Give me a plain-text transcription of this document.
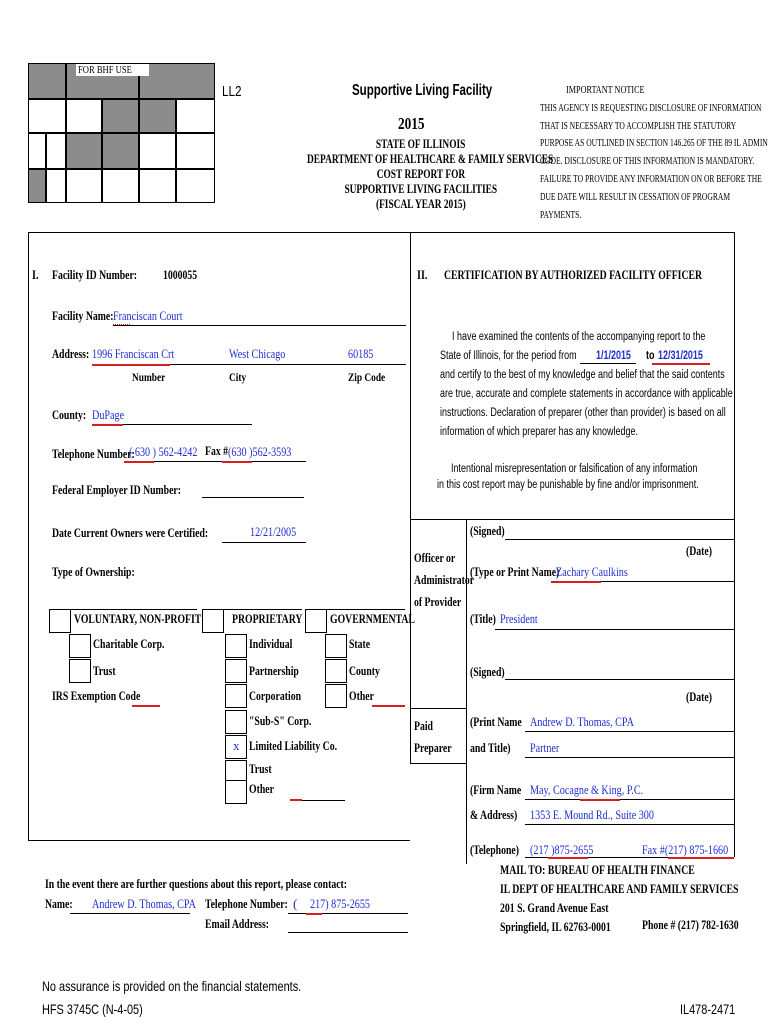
FOR BHF USE
LL2	Supportive Living Facility
2015
STATE OF ILLINOIS
DEPARTMENT OF HEALTHCARE & FAMILY SERVICES
COST REPORT FOR
SUPPORTIVE LIVING FACILITIES
(FISCAL YEAR 2015)
IMPORTANT NOTICE
THIS AGENCY IS REQUESTING DISCLOSURE OF INFORMATION
THAT IS NECESSARY TO ACCOMPLISH THE STATUTORY
PURPOSE AS OUTLINED IN SECTION 146.265 OF THE 89 IL ADMIN
CODE. DISCLOSURE OF THIS INFORMATION IS MANDATORY.
FAILURE TO PROVIDE ANY INFORMATION ON OR BEFORE THE
DUE DATE WILL RESULT IN CESSATION OF PROGRAM
PAYMENTS.
I. Facility ID Number:	1000055
Facility Name: Franciscan Court
Address: 1996 Franciscan Crt	West Chicago	60185
Number	City	Zip Code
County: DuPage
Telephone Number:
( 630 ) 562-4242 Fax # (630 )562-3593
Federal Employer ID Number:
Date Current Owners were Certified:	12/21/2005
Type of Ownership:
VOLUNTARY, NON-PROFIT
Charitable Corp.
Trust
IRS Exemption Code
PROPRIETARY
Individual
Partnership
Corporation
"Sub-S" Corp.
x Limited Liability Co.
Trust
Other
GOVERNMENTAL
State
County
Other
In the event there are further questions about this report, please contact:
Name:	Andrew D. Thomas, CPA Telephone Number: ( 217) 875-2655
Email Address:
II. CERTIFICATION BY AUTHORIZED FACILITY OFFICER
I have examined the contents of the accompanying report to the
State of Illinois, for the period from 1/1/2015	to 12/31/2015
and certify to the best of my knowledge and belief that the said contents
are true, accurate and complete statements in accordance with applicable
instructions. Declaration of preparer (other than provider) is based on all
information of which preparer has any knowledge.
Intentional misrepresentation or falsification of any information
in this cost report may be punishable by fine and/or imprisonment.
Officer or
Administrator
of Provider
(Signed)
(Date)
(Type or Print Name)
Zachary Caulkins
(Title) President
Paid
Preparer
(Signed)
(Date)
(Print Name Andrew D. Thomas, CPA
and Title)	Partner
(Firm Name May, Cocagne & King, P.C.
& Address) 1353 E. Mound Rd., Suite 300
(Telephone) (217 )875-2655	Fax #(217) 875-1660
MAIL TO: BUREAU OF HEALTH FINANCE
IL DEPT OF HEALTHCARE AND FAMILY SERVICES
201 S. Grand Avenue East
Springfield, IL 62763-0001	Phone # (217) 782-1630
No assurance is provided on the financial statements.
HFS 3745C (N-4-05)	IL478-2471
